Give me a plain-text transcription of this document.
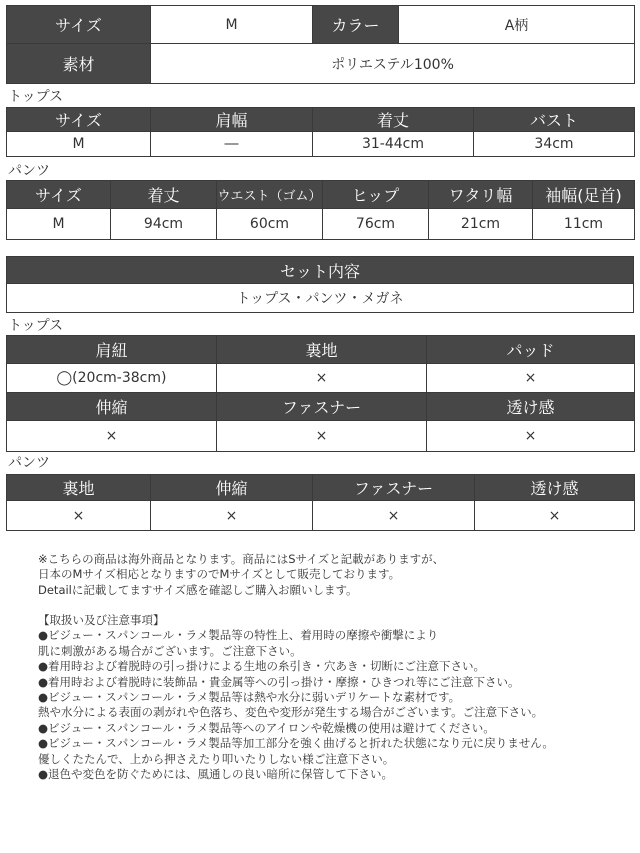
サイズ	M	カラー	A柄
素材	ポリエステル100%		
トップス
サイズ	肩幅	着丈	バスト
M	―	31-44cm	34cm
パンツ
サイズ	着丈	ウエスト（ゴム）	ヒップ	ワタリ幅	袖幅(足首)
M	94cm	60cm	76cm	21cm	11cm
セット内容
トップス・パンツ・メガネ
トップス
肩紐	裏地	パッド
◯(20cm-38cm)	×	×
伸縮	ファスナー	透け感
×	×	×
パンツ
裏地	伸縮	ファスナー	透け感
×	×	×	×
※こちらの商品は海外商品となります。商品にはSサイズと記載がありますが、
日本のMサイズ相応となりますのでMサイズとして販売しております。
Detailに記載してますサイズ感を確認しご購入お願いします。
【取扱い及び注意事項】
●ビジュー・スパンコール・ラメ製品等の特性上、着用時の摩擦や衝撃により
肌に刺激がある場合がございます。ご注意下さい。
●着用時および着脱時の引っ掛けによる生地の糸引き・穴あき・切断にご注意下さい。
●着用時および着脱時に装飾品・貴金属等への引っ掛け・摩擦・ひきつれ等にご注意下さい。
●ビジュー・スパンコール・ラメ製品等は熱や水分に弱いデリケートな素材です。
熱や水分による表面の剥がれや色落ち、変色や変形が発生する場合がございます。ご注意下さい。
●ビジュー・スパンコール・ラメ製品等へのアイロンや乾燥機の使用は避けてください。
●ビジュー・スパンコール・ラメ製品等加工部分を強く曲げると折れた状態になり元に戻りません。
優しくたたんで、上から押さえたり叩いたりしない様ご注意下さい。
●退色や変色を防ぐためには、風通しの良い暗所に保管して下さい。
